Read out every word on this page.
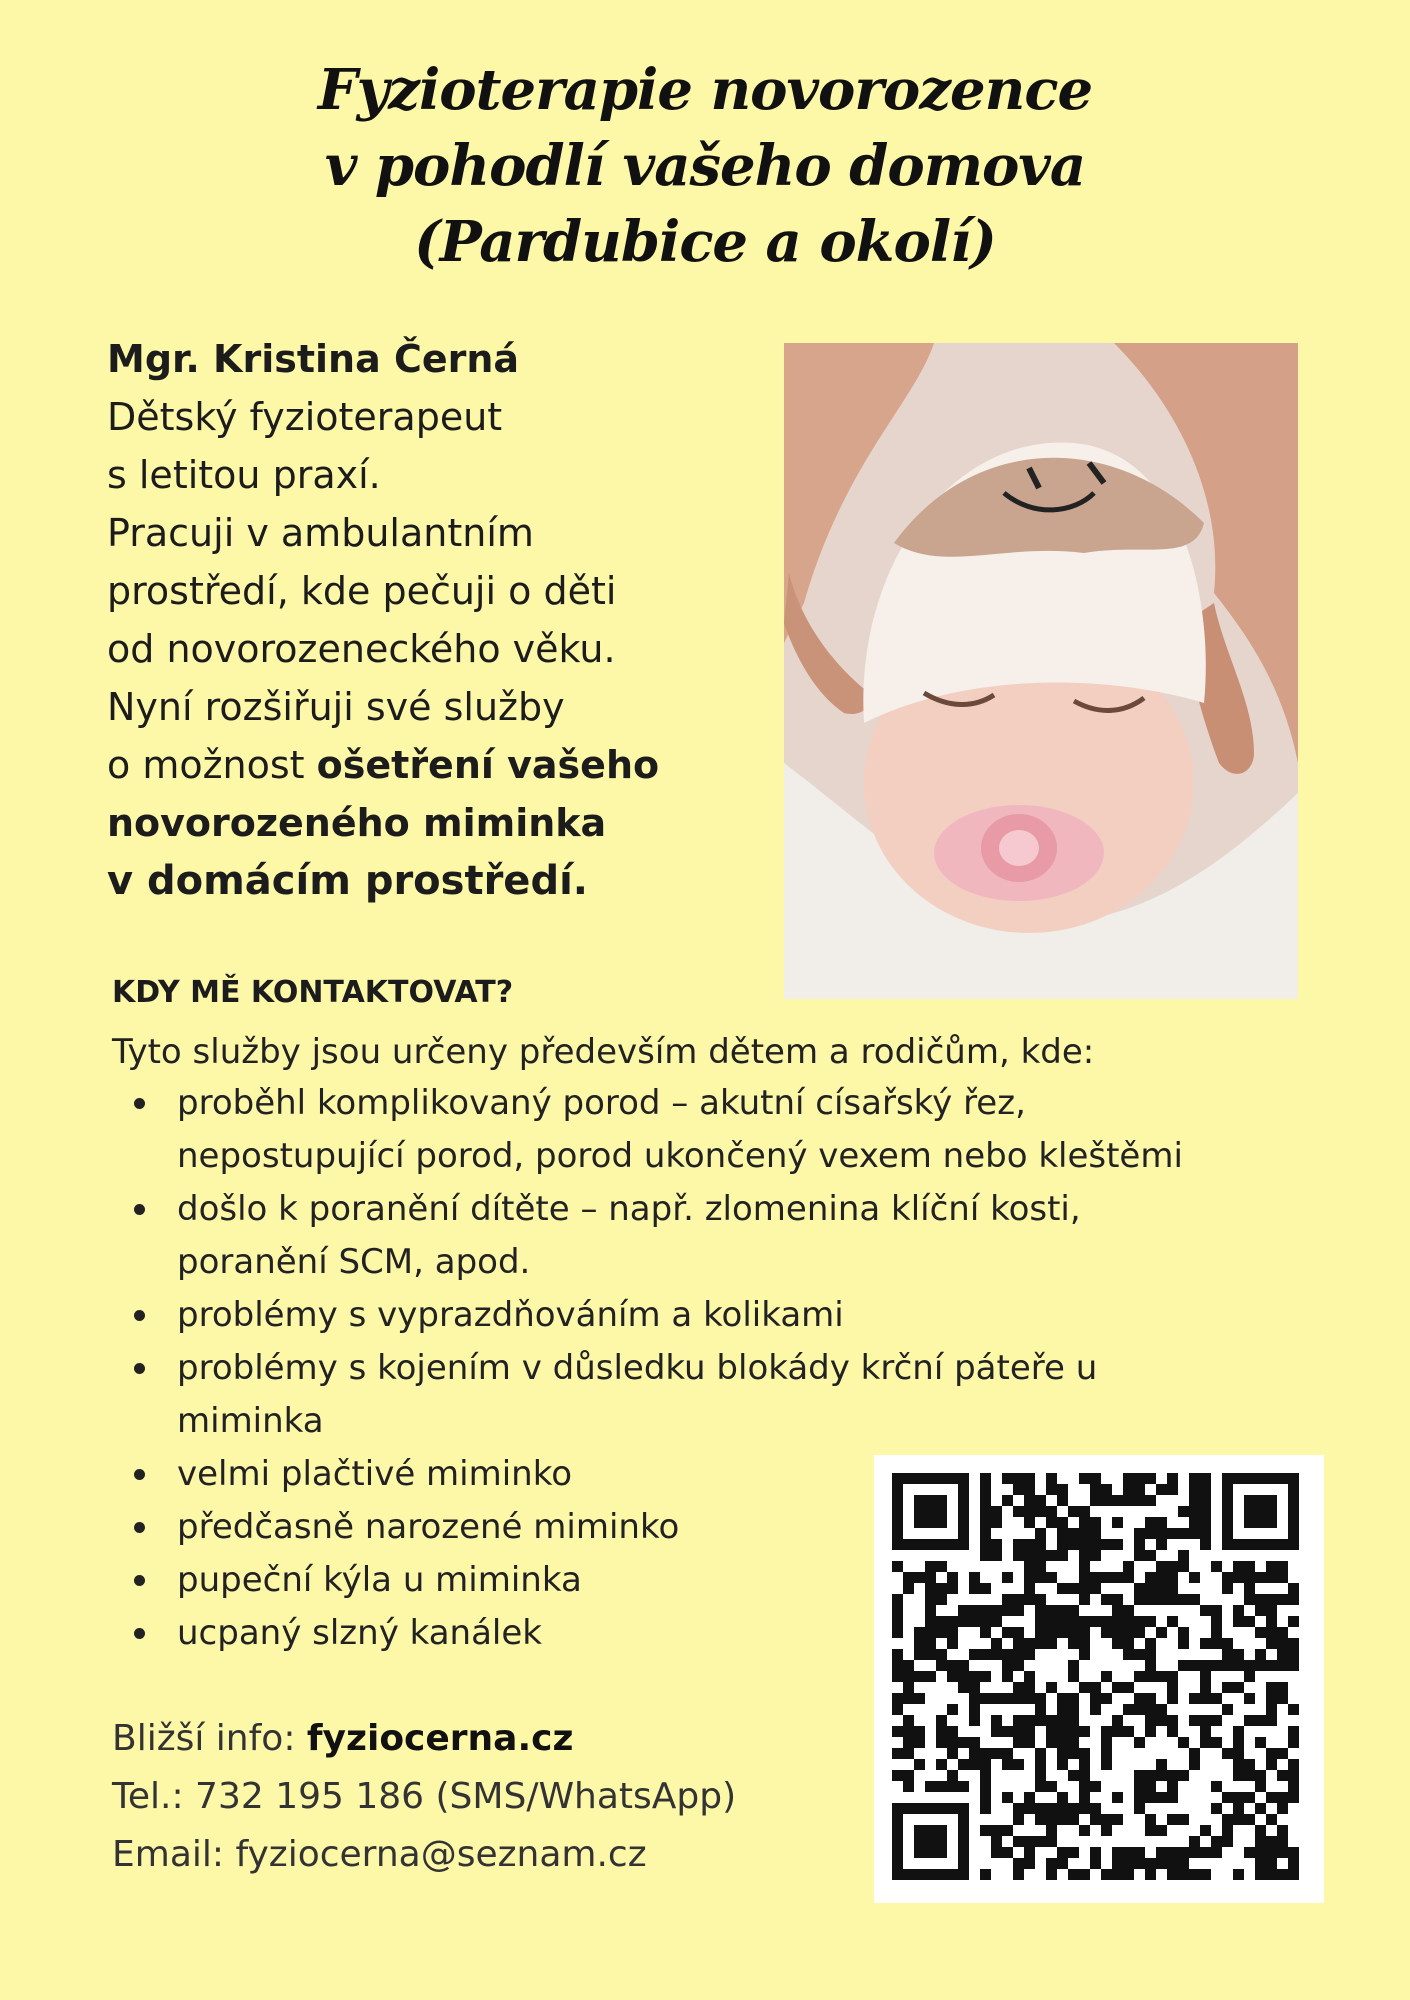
Fyzioterapie novorozence
v pohodlí vašeho domova
(Pardubice a okolí)
Mgr. Kristina Černá
Dětský fyzioterapeut
s letitou praxí.
Pracuji v ambulantním
prostředí, kde pečuji o děti
od novorozeneckého věku.
Nyní rozšiřuji své služby
o možnost ošetření vašeho
novorozeného miminka
v domácím prostředí.
KDY MĚ KONTAKTOVAT?
Tyto služby jsou určeny především dětem a rodičům, kde:
proběhl komplikovaný porod – akutní císařský řez,
nepostupující porod, porod ukončený vexem nebo kleštěmi
došlo k poranění dítěte – např. zlomenina klíční kosti,
poranění SCM, apod.
problémy s vyprazdňováním a kolikami
problémy s kojením v důsledku blokády krční páteře u
miminka
velmi plačtivé miminko
předčasně narozené miminko
pupeční kýla u miminka
ucpaný slzný kanálek
Bližší info: fyziocerna.cz
Tel.: 732 195 186 (SMS/WhatsApp)
Email: fyziocerna@seznam.cz
